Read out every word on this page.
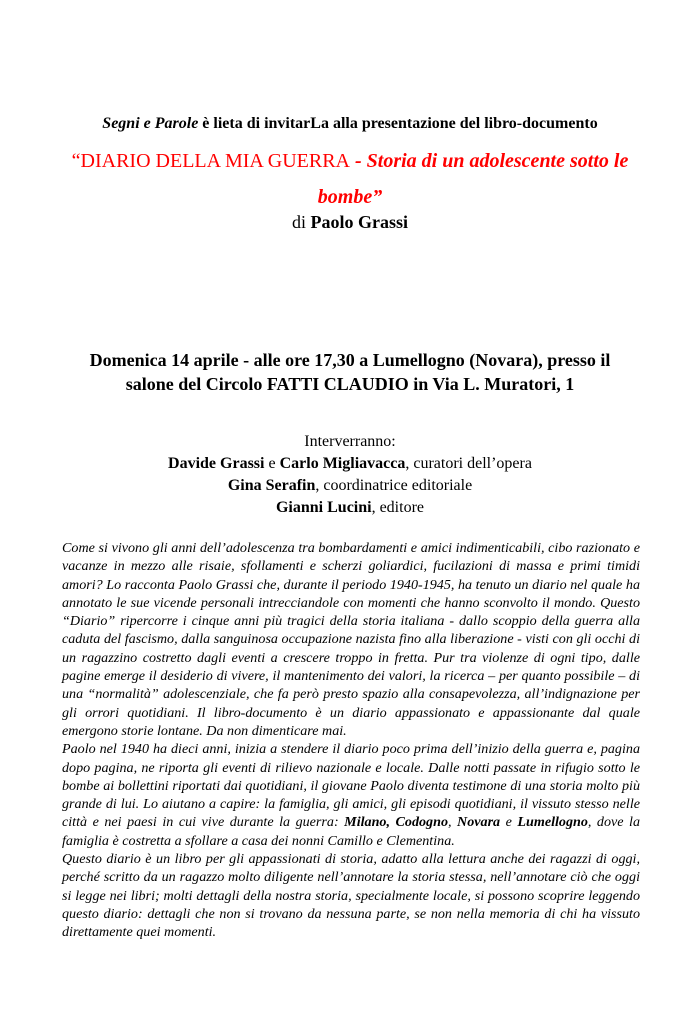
Segni e Parole è lieta di invitarLa alla presentazione del libro-documento
“DIARIO DELLA MIA GUERRA - Storia di un adolescente sotto le bombe”
di Paolo Grassi
Domenica 14 aprile - alle ore 17,30 a Lumellogno (Novara), presso il
salone del Circolo FATTI CLAUDIO in Via L. Muratori, 1
Interverranno:
Davide Grassi e Carlo Migliavacca, curatori dell’opera
Gina Serafin, coordinatrice editoriale
Gianni Lucini, editore

Come si vivono gli anni dell’adolescenza tra bombardamenti e amici indimenticabili, cibo razionato e vacanze in mezzo alle risaie, sfollamenti e scherzi goliardici, fucilazioni di massa e primi timidi amori? Lo racconta Paolo Grassi che, durante il periodo 1940-1945, ha tenuto un diario nel quale ha annotato le sue vicende personali intrecciandole con momenti che hanno sconvolto il mondo. Questo “Diario” ripercorre i cinque anni più tragici della storia italiana - dallo scoppio della guerra alla caduta del fascismo, dalla sanguinosa occupazione nazista fino alla liberazione - visti con gli occhi di un ragazzino costretto dagli eventi a crescere troppo in fretta. Pur tra violenze di ogni tipo, dalle pagine emerge il desiderio di vivere, il mantenimento dei valori, la ricerca – per quanto possibile – di una “normalità” adolescenziale, che fa però presto spazio alla consapevolezza, all’indignazione per gli orrori quotidiani. Il libro-documento è un diario appassionato e appassionante dal quale emergono storie lontane. Da non dimenticare mai.

Paolo nel 1940 ha dieci anni, inizia a stendere il diario poco prima dell’inizio della guerra e, pagina dopo pagina, ne riporta gli eventi di rilievo nazionale e locale. Dalle notti passate in rifugio sotto le bombe ai bollettini riportati dai quotidiani, il giovane Paolo diventa testimone di una storia molto più grande di lui. Lo aiutano a capire: la famiglia, gli amici, gli episodi quotidiani, il vissuto stesso nelle città e nei paesi in cui vive durante la guerra: Milano, Codogno, Novara e Lumellogno, dove la famiglia è costretta a sfollare a casa dei nonni Camillo e Clementina.

Questo diario è un libro per gli appassionati di storia, adatto alla lettura anche dei ragazzi di oggi, perché scritto da un ragazzo molto diligente nell’annotare la storia stessa, nell’annotare ciò che oggi si legge nei libri; molti dettagli della nostra storia, specialmente locale, si possono scoprire leggendo questo diario: dettagli che non si trovano da nessuna parte, se non nella memoria di chi ha vissuto direttamente quei momenti.
